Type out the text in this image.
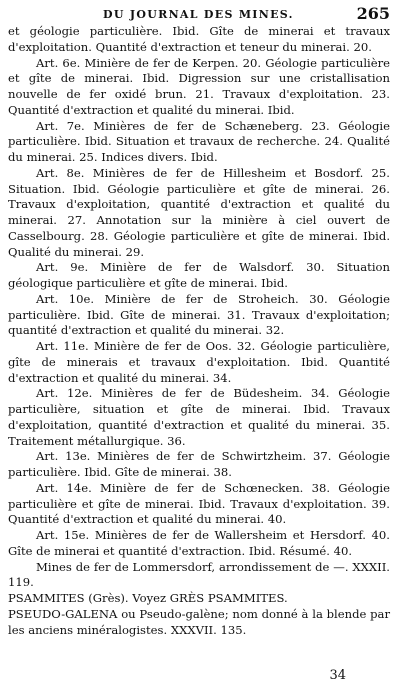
DU JOURNAL DES MINES.	265

et géologie particulière. Ibid. Gîte de minerai et travaux d'exploitation. Quantité d'extraction et teneur du minerai. 20.

Art. 6e. Minière de fer de Kerpen. 20. Géologie particulière et gîte de minerai. Ibid. Digression sur une cristallisation nouvelle de fer oxidé brun. 21. Travaux d'exploitation. 23. Quantité d'extraction et qualité du minerai. Ibid.

Art. 7e. Minières de fer de Schæneberg. 23. Géologie particulière. Ibid. Situation et travaux de recherche. 24. Qualité du minerai. 25. Indices divers. Ibid.

Art. 8e. Minières de fer de Hillesheim et Bosdorf. 25. Situation. Ibid. Géologie particulière et gîte de minerai. 26. Travaux d'exploitation, quantité d'extraction et qualité du minerai. 27. Annotation sur la minière à ciel ouvert de Casselbourg. 28. Géologie particulière et gîte de minerai. Ibid. Qualité du minerai. 29.

Art. 9e. Minière de fer de Walsdorf. 30. Situation géologique particulière et gîte de minerai. Ibid.

Art. 10e. Minière de fer de Stroheich. 30. Géologie particulière. Ibid. Gîte de minerai. 31. Travaux d'exploitation; quantité d'extraction et qualité du minerai. 32.

Art. 11e. Minière de fer de Oos. 32. Géologie particulière, gîte de minerais et travaux d'exploitation. Ibid. Quantité d'extraction et qualité du minerai. 34.

Art. 12e. Minières de fer de Büdesheim. 34. Géologie particulière, situation et gîte de minerai. Ibid. Travaux d'exploitation, quantité d'extraction et qualité du minerai. 35. Traitement métallurgique. 36.

Art. 13e. Minières de fer de Schwirtzheim. 37. Géologie particulière. Ibid. Gîte de minerai. 38.

Art. 14e. Minière de fer de Schœnecken. 38. Géologie particulière et gîte de minerai. Ibid. Travaux d'exploitation. 39. Quantité d'extraction et qualité du minerai. 40.

Art. 15e. Minières de fer de Wallersheim et Hersdorf. 40. Gîte de minerai et quantité d'extraction. Ibid. Résumé. 40.

Mines de fer de Lommersdorf, arrondissement de —. XXXII. 119.

PSAMMITES (Grès). Voyez GRÈS PSAMMITES.

PSEUDO-GALENA ou Pseudo-galène; nom donné à la blende par les anciens minéralogistes. XXXVII. 135.

34
